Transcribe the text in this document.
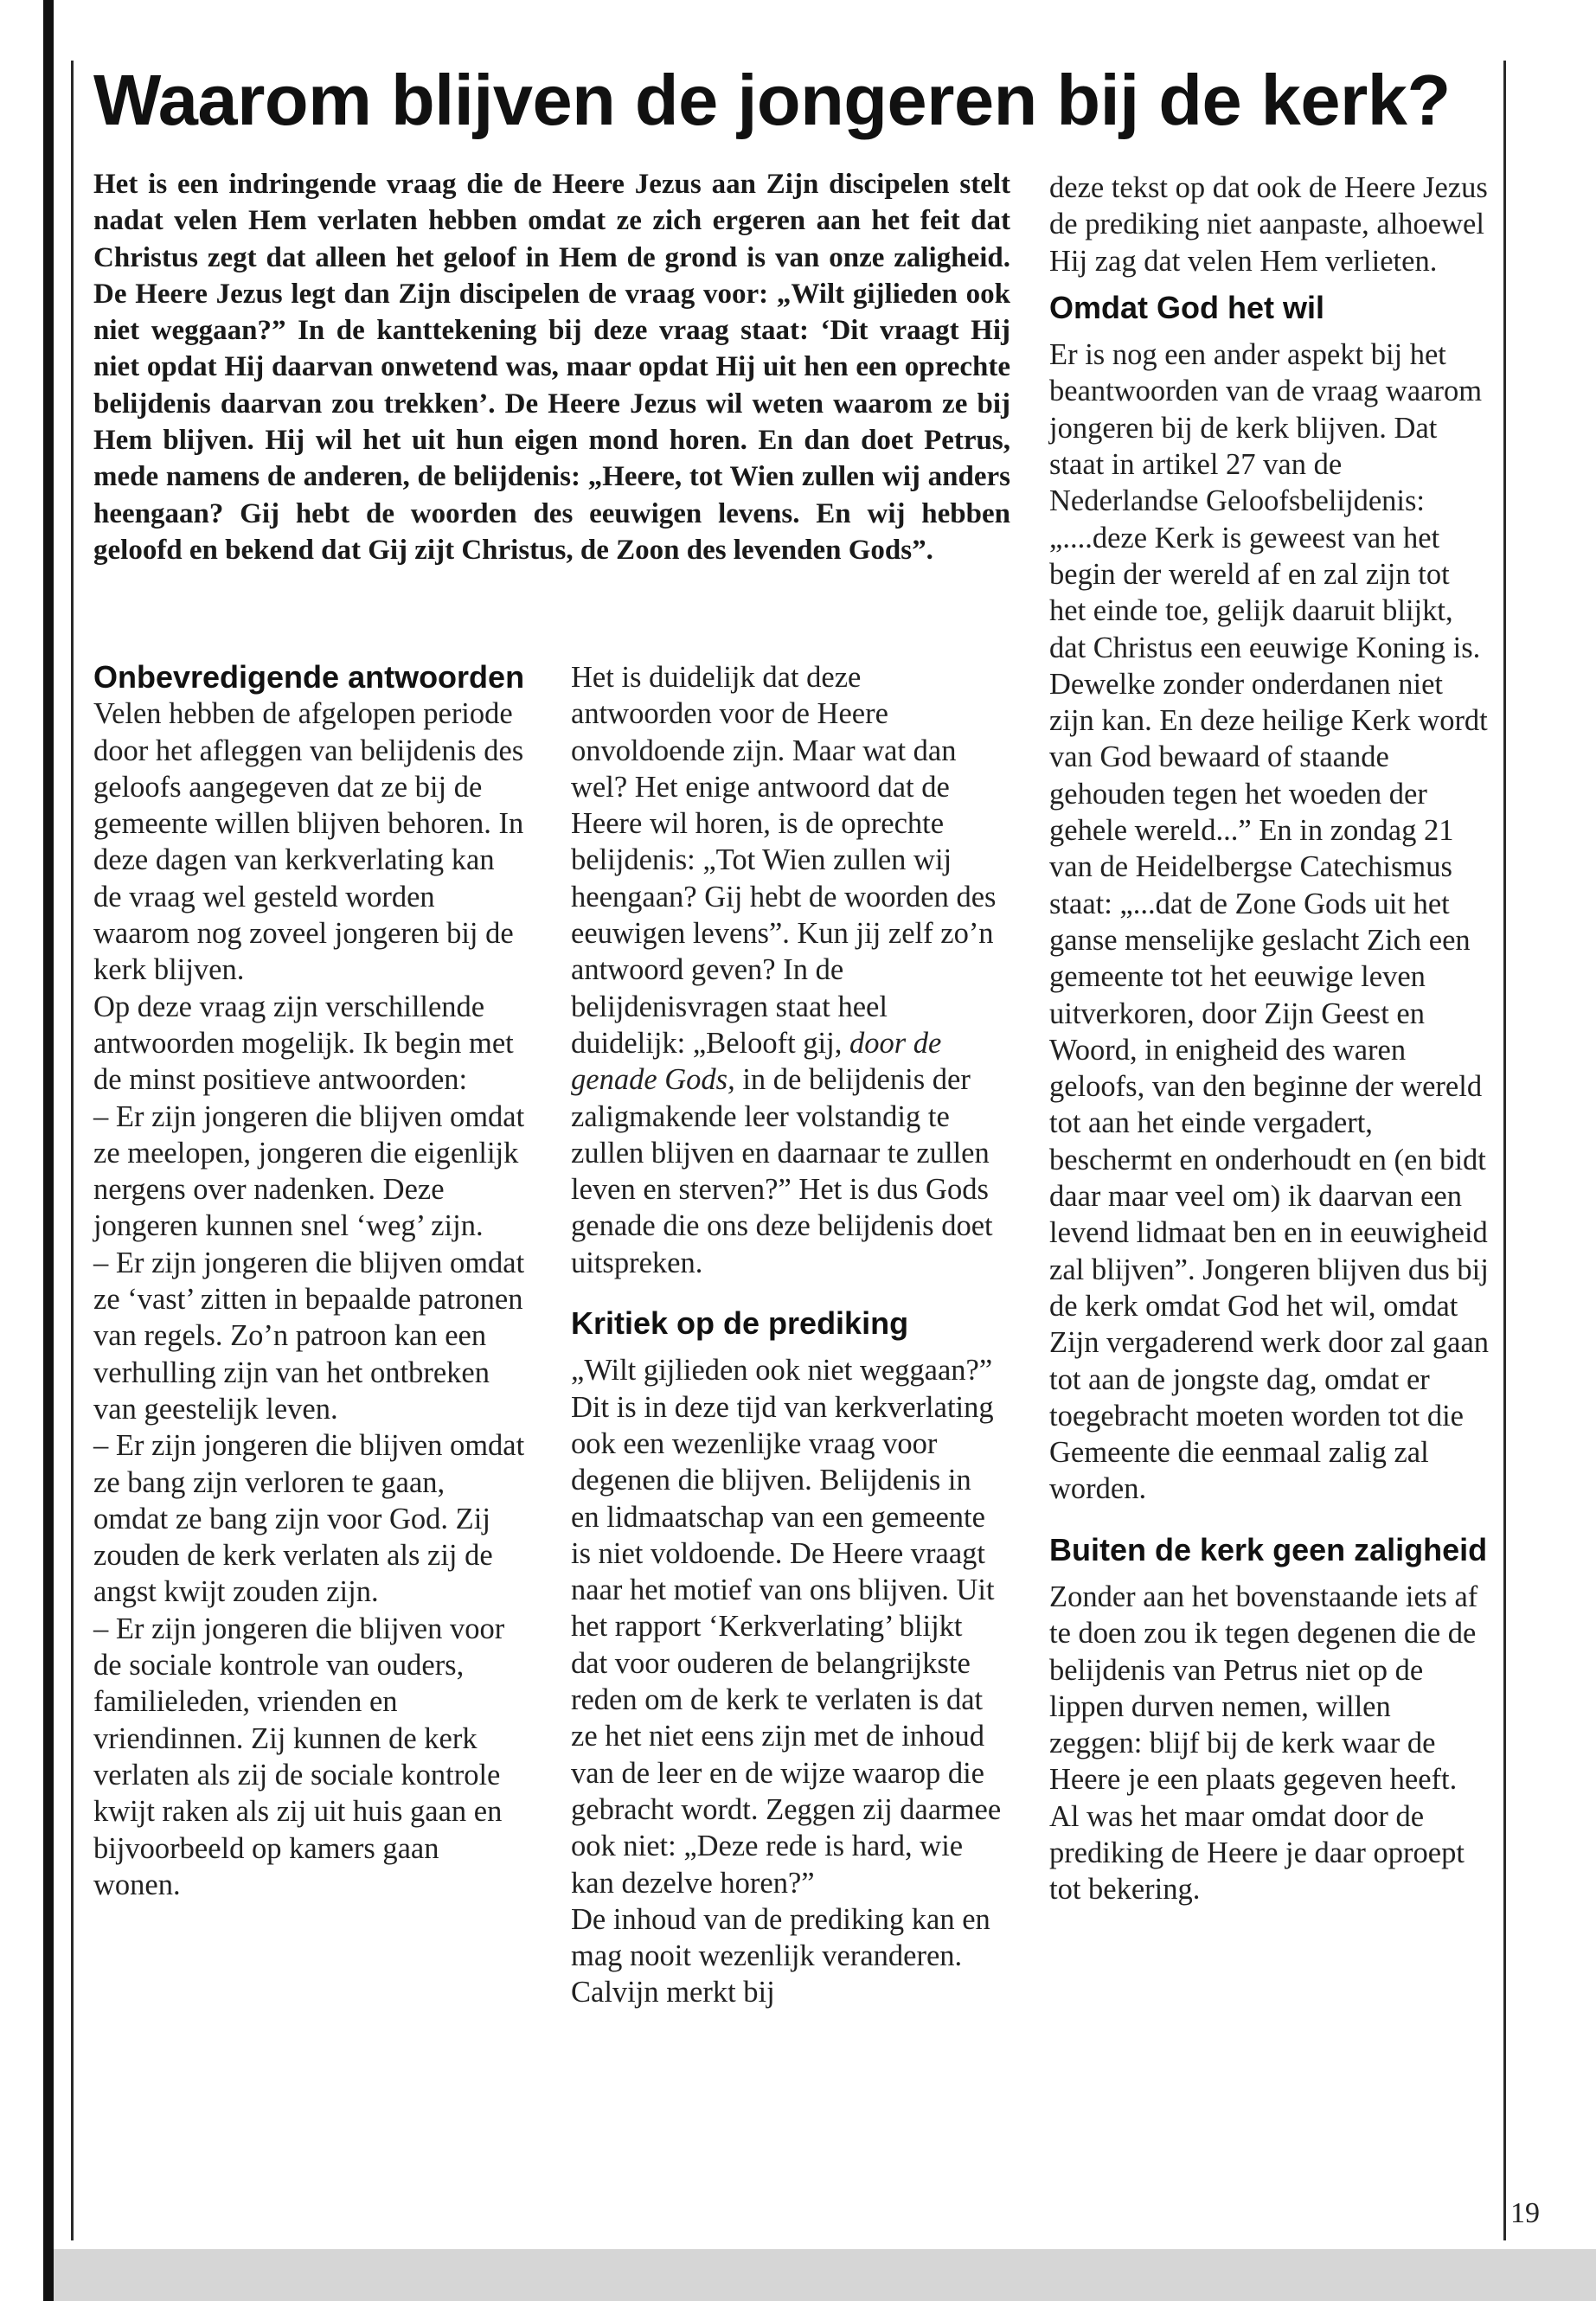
19
Waarom blijven de jongeren bij de kerk?

Het is een indringende vraag die de Heere Jezus aan Zijn discipelen stelt nadat velen Hem verlaten hebben omdat ze zich ergeren aan het feit dat Christus zegt dat alleen het geloof in Hem de grond is van onze zaligheid. De Heere Jezus legt dan Zijn discipelen de vraag voor: „Wilt gijlieden ook niet weggaan?” In de kanttekening bij deze vraag staat: ‘Dit vraagt Hij niet opdat Hij daarvan onwetend was, maar opdat Hij uit hen een oprechte belijdenis daarvan zou trekken’. De Heere Jezus wil weten waarom ze bij Hem blijven. Hij wil het uit hun eigen mond horen. En dan doet Petrus, mede namens de anderen, de belijdenis: „Heere, tot Wien zullen wij anders heengaan? Gij hebt de woorden des eeuwigen levens. En wij hebben geloofd en bekend dat Gij zijt Christus, de Zoon des levenden Gods”.

Onbevredigende antwoorden

Velen hebben de afgelopen periode door het afleggen van belijdenis des geloofs aangegeven dat ze bij de gemeente willen blijven behoren. In deze dagen van kerkverlating kan de vraag wel gesteld worden waarom nog zoveel jongeren bij de kerk blijven.

Op deze vraag zijn verschillende antwoorden mogelijk. Ik begin met de minst positieve antwoorden:

– Er zijn jongeren die blijven omdat ze meelopen, jongeren die eigenlijk nergens over nadenken. Deze jongeren kunnen snel ‘weg’ zijn.

– Er zijn jongeren die blijven omdat ze ‘vast’ zitten in bepaalde patronen van regels. Zo’n patroon kan een verhulling zijn van het ontbreken van geestelijk leven.

– Er zijn jongeren die blijven omdat ze bang zijn verloren te gaan, omdat ze bang zijn voor God. Zij zouden de kerk verlaten als zij de angst kwijt zouden zijn.

– Er zijn jongeren die blijven voor de sociale kontrole van ouders, familieleden, vrienden en vriendinnen. Zij kunnen de kerk verlaten als zij de sociale kontrole kwijt raken als zij uit huis gaan en bijvoorbeeld op kamers gaan wonen.

Het is duidelijk dat deze antwoorden voor de Heere onvoldoende zijn. Maar wat dan wel? Het enige antwoord dat de Heere wil horen, is de oprechte belijdenis: „Tot Wien zullen wij heengaan? Gij hebt de woorden des eeuwigen levens”. Kun jij zelf zo’n antwoord geven? In de belijdenisvragen staat heel duidelijk: „Belooft gij, door de genade Gods, in de belijdenis der zaligmakende leer volstandig te zullen blijven en daarnaar te zullen leven en sterven?” Het is dus Gods genade die ons deze belijdenis doet uitspreken.

Kritiek op de prediking

„Wilt gijlieden ook niet weggaan?” Dit is in deze tijd van kerkverlating ook een wezenlijke vraag voor degenen die blijven. Belijdenis in en lidmaatschap van een gemeente is niet voldoende. De Heere vraagt naar het motief van ons blijven. Uit het rapport ‘Kerkverlating’ blijkt dat voor ouderen de belangrijkste reden om de kerk te verlaten is dat ze het niet eens zijn met de inhoud van de leer en de wijze waarop die gebracht wordt. Zeggen zij daarmee ook niet: „Deze rede is hard, wie kan dezelve horen?”

De inhoud van de prediking kan en mag nooit wezenlijk veranderen. Calvijn merkt bij

deze tekst op dat ook de Heere Jezus de prediking niet aanpaste, alhoewel Hij zag dat velen Hem verlieten.

Omdat God het wil

Er is nog een ander aspekt bij het beantwoorden van de vraag waarom jongeren bij de kerk blijven. Dat staat in artikel 27 van de Nederlandse Geloofsbelijdenis: „....deze Kerk is geweest van het begin der wereld af en zal zijn tot het einde toe, gelijk daaruit blijkt, dat Christus een eeuwige Koning is. Dewelke zonder onderdanen niet zijn kan. En deze heilige Kerk wordt van God bewaard of staande gehouden tegen het woeden der gehele wereld...” En in zondag 21 van de Heidelbergse Catechismus staat: „...dat de Zone Gods uit het ganse menselijke geslacht Zich een gemeente tot het eeuwige leven uitverkoren, door Zijn Geest en Woord, in enigheid des waren geloofs, van den beginne der wereld tot aan het einde vergadert, beschermt en onderhoudt en (en bidt daar maar veel om) ik daarvan een levend lidmaat ben en in eeuwigheid zal blijven”. Jongeren blijven dus bij de kerk omdat God het wil, omdat Zijn vergaderend werk door zal gaan tot aan de jongste dag, omdat er toegebracht moeten worden tot die Gemeente die eenmaal zalig zal worden.

Buiten de kerk geen zaligheid

Zonder aan het bovenstaande iets af te doen zou ik tegen degenen die de belijdenis van Petrus niet op de lippen durven nemen, willen zeggen: blijf bij de kerk waar de Heere je een plaats gegeven heeft. Al was het maar omdat door de prediking de Heere je daar oproept tot bekering.
